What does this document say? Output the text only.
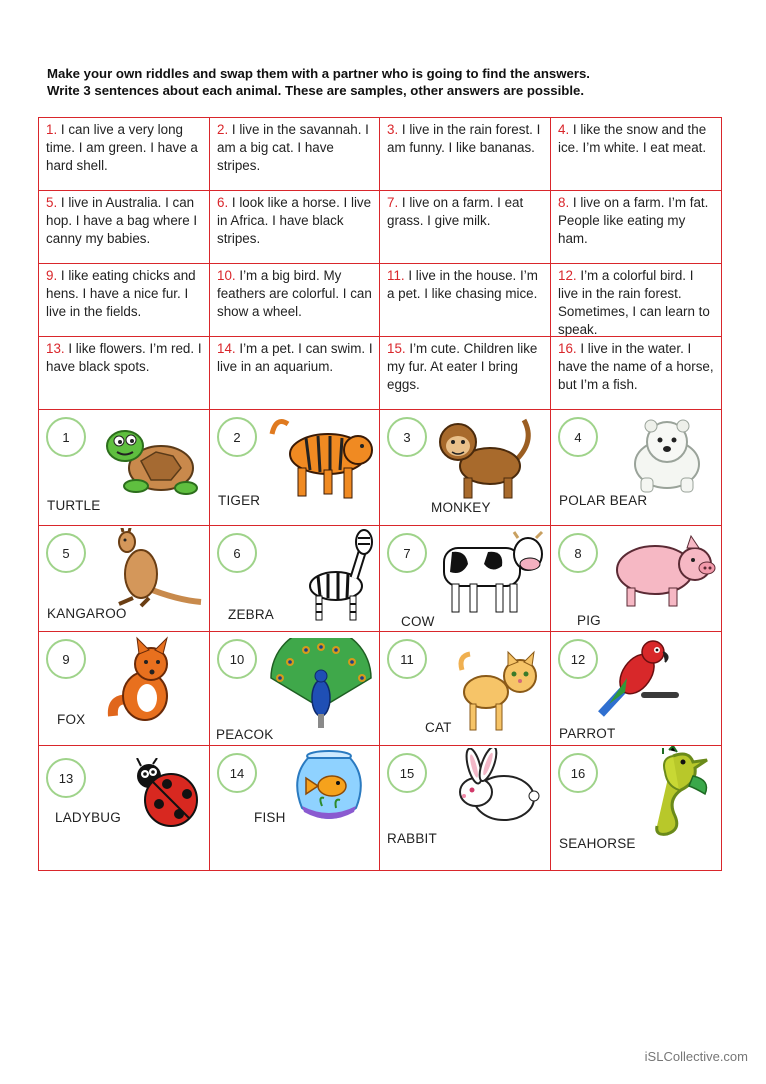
Make your own riddles and swap them with a partner who is going to find the answers.
Write 3 sentences about each animal. These are samples, other answers are possible.
1. I can live a very long time. I am green. I have a hard shell.
2. I live in the savannah. I am a big cat. I have stripes.
3. I live in the rain forest. I am funny. I like bananas.
4. I like the snow and the ice. I’m white. I eat meat.
5. I live in Australia. I can hop. I have a bag where I canny my babies.
6. I look like a horse. I live in Africa. I have black stripes.
7. I live on a farm. I eat grass. I give milk.
8. I live on a farm. I’m fat. People like eating my ham.
9. I like eating chicks and hens. I have a nice fur. I live in the fields.
10. I’m a big bird. My feathers are colorful. I can show a wheel.
11. I live in the house. I’m a pet. I like chasing mice.
12. I’m a colorful bird. I live in the rain forest. Sometimes, I can learn to speak.
13. I like flowers. I’m red. I have black spots.
14. I’m a pet. I can swim. I live in an aquarium.
15. I’m cute. Children like my fur. At eater I bring eggs.
16. I live in the water. I have the name of a horse, but I’m a fish.
1
TURTLE
2
TIGER
3
MONKEY
4
POLAR BEAR
5
KANGAROO
6
ZEBRA
7
COW
8
PIG
9
FOX
10
PEACOK
11
CAT
12
PARROT
13
LADYBUG
14
FISH
15
RABBIT
16
SEAHORSE
iSLCollective.com
